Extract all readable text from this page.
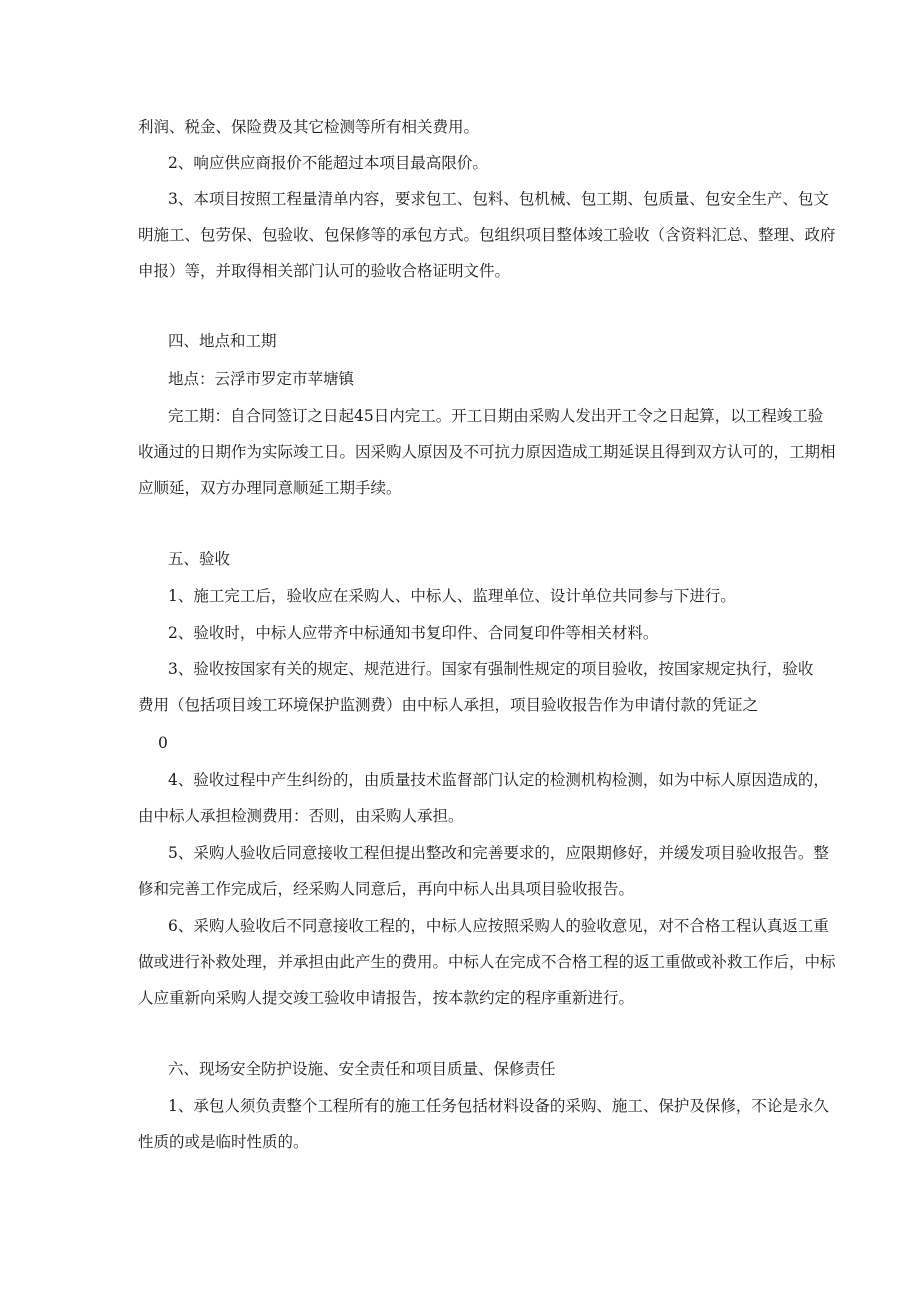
利润、税金、保险费及其它检测等所有相关费用。
2、响应供应商报价不能超过本项目最高限价。
3、本项目按照工程量清单内容，要求包工、包料、包机械、包工期、包质量、包安全生产、包文
明施工、包劳保、包验收、包保修等的承包方式。包组织项目整体竣工验收（含资料汇总、整理、政府
申报）等，并取得相关部门认可的验收合格证明文件。
四、地点和工期
地点：云浮市罗定市苹塘镇
完工期：自合同签订之日起45日内完工。开工日期由采购人发出开工令之日起算，以工程竣工验
收通过的日期作为实际竣工日。因采购人原因及不可抗力原因造成工期延误且得到双方认可的，工期相
应顺延，双方办理同意顺延工期手续。
五、验收
1、施工完工后，验收应在采购人、中标人、监理单位、设计单位共同参与下进行。
2、验收时，中标人应带齐中标通知书复印件、合同复印件等相关材料。
3、验收按国家有关的规定、规范进行。国家有强制性规定的项目验收，按国家规定执行，验收
费用（包括项目竣工环境保护监测费）由中标人承担，项目验收报告作为申请付款的凭证之
0
4、验收过程中产生纠纷的，由质量技术监督部门认定的检测机构检测，如为中标人原因造成的，
由中标人承担检测费用：否则，由采购人承担。
5、采购人验收后同意接收工程但提出整改和完善要求的，应限期修好，并缓发项目验收报告。整
修和完善工作完成后，经采购人同意后，再向中标人出具项目验收报告。
6、采购人验收后不同意接收工程的，中标人应按照采购人的验收意见，对不合格工程认真返工重
做或进行补救处理，并承担由此产生的费用。中标人在完成不合格工程的返工重做或补救工作后，中标
人应重新向采购人提交竣工验收申请报告，按本款约定的程序重新进行。
六、现场安全防护设施、安全责任和项目质量、保修责任
1、承包人须负责整个工程所有的施工任务包括材料设备的采购、施工、保护及保修，不论是永久
性质的或是临时性质的。
